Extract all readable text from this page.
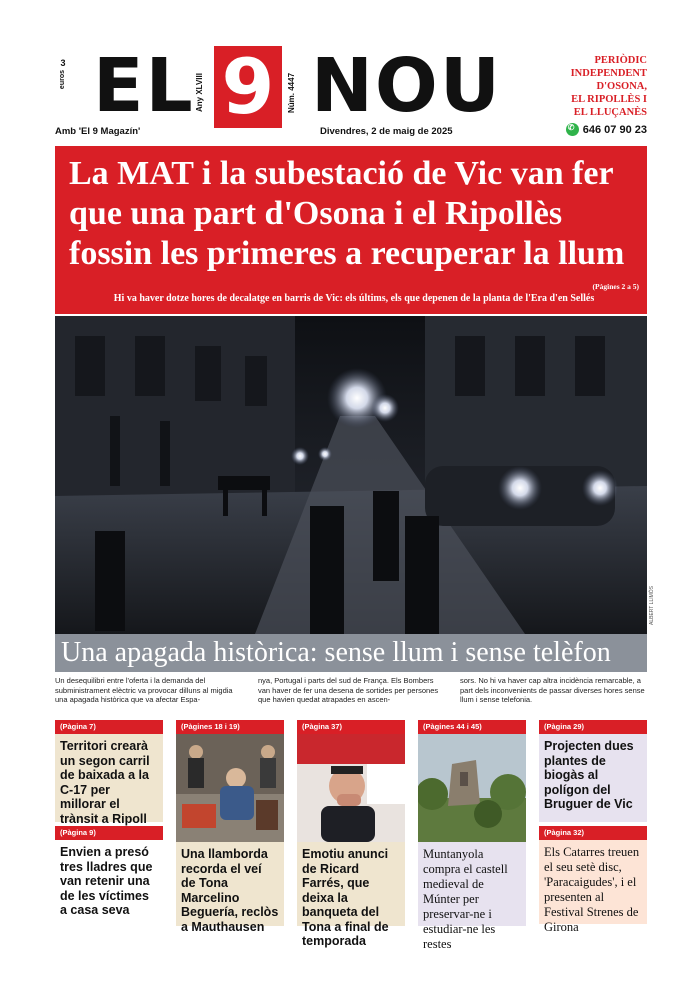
3
euros EL Any XLVIII 9	Núm. 4447 NOU	PERIÒDIC
INDEPENDENT
D'OSONA,
EL RIPOLLÈS I
EL LLUÇANÈS
Amb 'El 9 Magazín'	Divendres, 2 de maig de 2025
✆	646 07 90 23
La MAT i la subestació de Vic van fer
que una part d'Osona i el Ripollès
fossin les primeres a recuperar la llum
(Pàgines 2 a 5)
Hi va haver dotze hores de decalatge en barris de Vic: els últims, els que depenen de la planta de l'Era d'en Sellés
ALBERT LLIMÓS
Una apagada històrica: sense llum i sense telèfon
Un desequilibri entre l'oferta i la demanda del subministrament elèctric va provocar dilluns al migdia una apagada històrica que va afectar Espa-
nya, Portugal i parts del sud de França. Els Bombers van haver de fer una desena de sortides per persones que havien quedat atrapades en ascen-
sors. No hi va haver cap altra incidència remarcable, a part dels inconvenients de passar diverses hores sense llum i sense telefonia.
(Pàgina 7)
Territori crearà un segon carril de baixada a la C-17 per millorar el trànsit a Ripoll
(Pàgina 9)
Envien a presó tres lladres que van retenir una de les víctimes a casa seva
(Pàgines 18 i 19)
Una llamborda recorda el veí de Tona Marcelino Beguería, reclòs a Mauthausen
(Pàgina 37)
Emotiu anunci de Ricard Farrés, que deixa la banqueta del Tona a final de temporada
(Pàgines 44 i 45)
Muntanyola compra el castell medieval de Múnter per preservar-ne i estudiar-ne les restes
(Pàgina 29)
Projecten dues plantes de biogàs al polígon del Bruguer de Vic
(Pàgina 32)
Els Catarres treuen el seu setè disc, 'Paracaigudes', i el presenten al Festival Strenes de Girona
